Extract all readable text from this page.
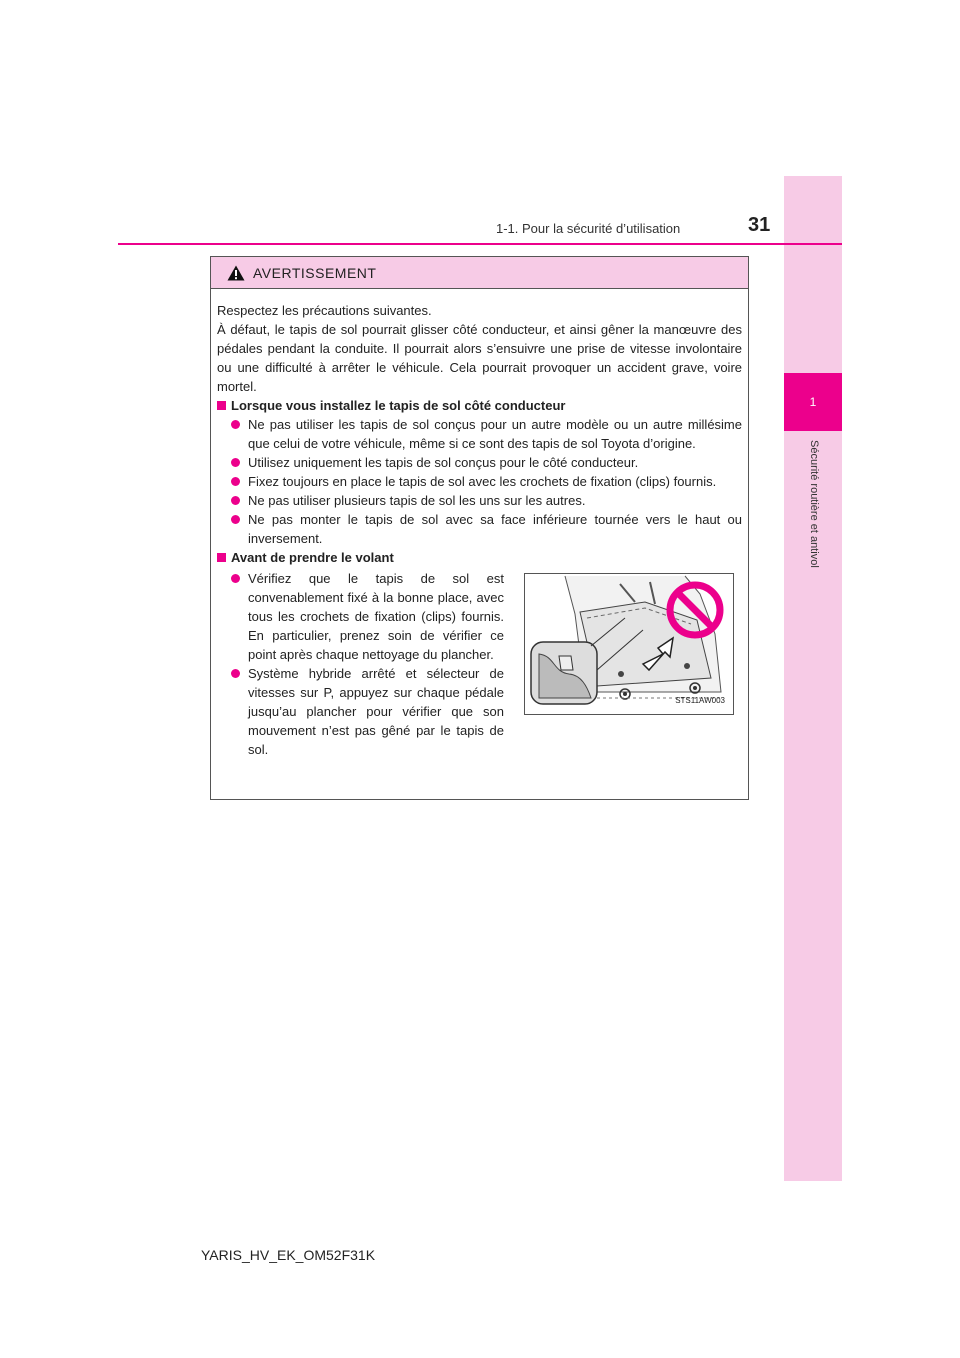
1
Sécurité routière et antivol
1-1. Pour la sécurité d’utilisation	31
AVERTISSEMENT

Respectez les précautions suivantes.

À défaut, le tapis de sol pourrait glisser côté conducteur, et ainsi gêner la manœuvre des pédales pendant la conduite. Il pourrait alors s’ensuivre une prise de vitesse involontaire ou une difficulté à arrêter le véhicule. Cela pourrait provoquer un accident grave, voire mortel.

Lorsque vous installez le tapis de sol côté conducteur

Ne pas utiliser les tapis de sol conçus pour un autre modèle ou un autre millésime que celui de votre véhicule, même si ce sont des tapis de sol Toyota d’origine.

Utilisez uniquement les tapis de sol conçus pour le côté conducteur.

Fixez toujours en place le tapis de sol avec les crochets de fixation (clips) fournis.

Ne pas utiliser plusieurs tapis de sol les uns sur les autres.

Ne pas monter le tapis de sol avec sa face inférieure tournée vers le haut ou inversement.

Avant de prendre le volant

Vérifiez que le tapis de sol est convenablement fixé à la bonne place, avec tous les crochets de fixation (clips) fournis. En particulier, prenez soin de vérifier ce point après chaque nettoyage du plancher.

Système hybride arrêté et sélecteur de vitesses sur P, appuyez sur chaque pédale jusqu’au plancher pour vérifier que son mouvement n’est pas gêné par le tapis de sol.

STS11AW003
YARIS_HV_EK_OM52F31K
